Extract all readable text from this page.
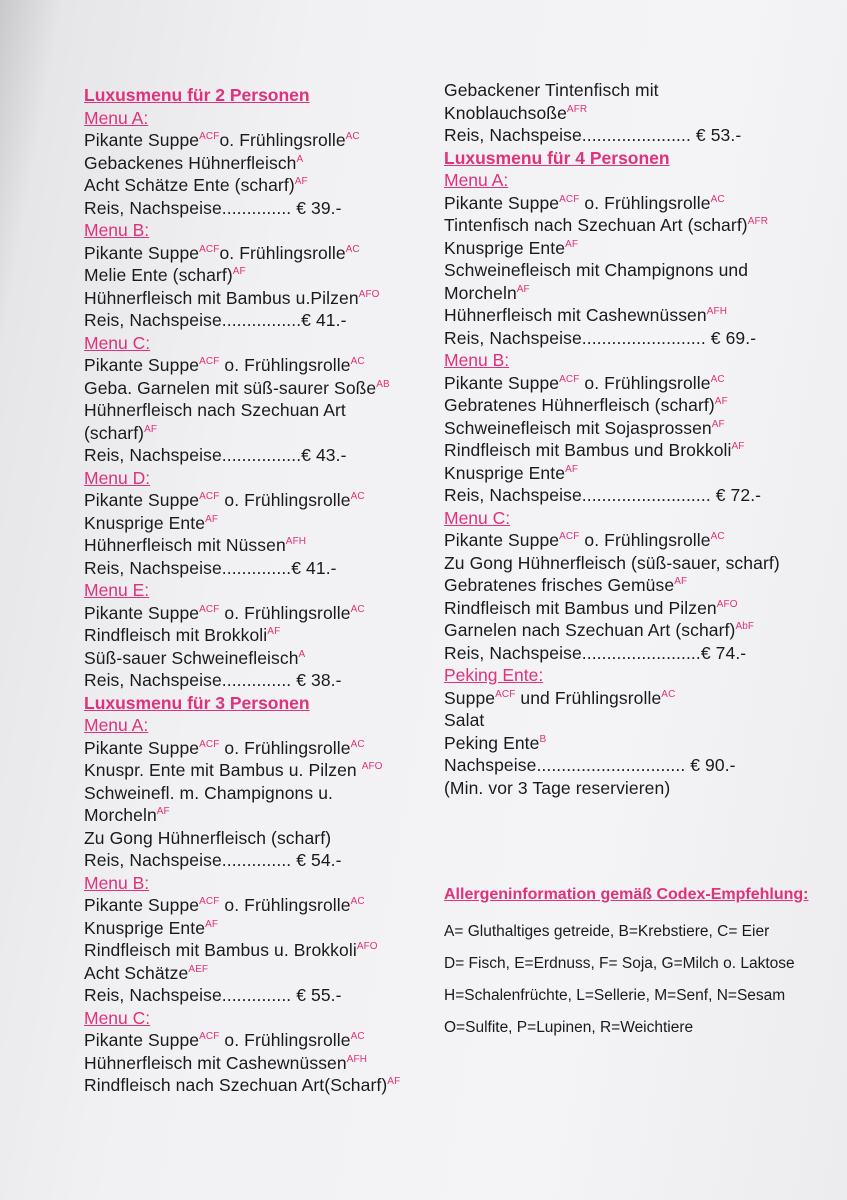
Luxusmenu für 2 Personen
Menu A:
Pikante Suppe$^{ACF}$o. Frühlingsrolle$^{AC}$
Gebackenes Hühnerfleisch$^A$
Acht Schätze Ente (scharf)$^{AF}$
Reis, Nachspeise.............. € 39.-
Menu B:
Pikante Suppe$^{ACF}$o. Frühlingsrolle$^{AC}$
Melie Ente (scharf)$^{AF}$
Hühnerfleisch mit Bambus u.Pilzen$^{AFO}$
Reis, Nachspeise................€ 41.-
Menu C:
Pikante Suppe$^{ACF}$ o. Frühlingsrolle$^{AC}$
Geba. Garnelen mit süß-saurer Soße$^{AB}$
Hühnerfleisch nach Szechuan Art
(scharf)$^{AF}$
Reis, Nachspeise................€ 43.-
Menu D:
Pikante Suppe$^{ACF}$ o. Frühlingsrolle$^{AC}$
Knusprige Ente$^{AF}$
Hühnerfleisch mit Nüssen$^{AFH}$
Reis, Nachspeise..............€ 41.-
Menu E:
Pikante Suppe$^{ACF}$ o. Frühlingsrolle$^{AC}$
Rindfleisch mit Brokkoli$^{AF}$
Süß-sauer Schweinefleisch$^A$
Reis, Nachspeise.............. € 38.-
Luxusmenu für 3 Personen
Menu A:
Pikante Suppe$^{ACF}$ o. Frühlingsrolle$^{AC}$
Knuspr. Ente mit Bambus u. Pilzen $^{AFO}$
Schweinefl. m. Champignons u.
Morcheln$^{AF}$
Zu Gong Hühnerfleisch (scharf)
Reis, Nachspeise.............. € 54.-
Menu B:
Pikante Suppe$^{ACF}$ o. Frühlingsrolle$^{AC}$
Knusprige Ente$^{AF}$
Rindfleisch mit Bambus u. Brokkoli$^{AFO}$
Acht Schätze$^{AEF}$
Reis, Nachspeise.............. € 55.-
Menu C:
Pikante Suppe$^{ACF}$ o. Frühlingsrolle$^{AC}$
Hühnerfleisch mit Cashewnüssen$^{AFH}$
Rindfleisch nach Szechuan Art(Scharf)$^{AF}$
Gebackener Tintenfisch mit
Knoblauchsoße$^{AFR}$
Reis, Nachspeise...................... € 53.-
Luxusmenu für 4 Personen
Menu A:
Pikante Suppe$^{ACF}$ o. Frühlingsrolle$^{AC}$
Tintenfisch nach Szechuan Art (scharf)$^{AFR}$
Knusprige Ente$^{AF}$
Schweinefleisch mit Champignons und
Morcheln$^{AF}$
Hühnerfleisch mit Cashewnüssen$^{AFH}$
Reis, Nachspeise......................... € 69.-
Menu B:
Pikante Suppe$^{ACF}$ o. Frühlingsrolle$^{AC}$
Gebratenes Hühnerfleisch (scharf)$^{AF}$
Schweinefleisch mit Sojasprossen$^{AF}$
Rindfleisch mit Bambus und Brokkoli$^{AF}$
Knusprige Ente$^{AF}$
Reis, Nachspeise.......................... € 72.-
Menu C:
Pikante Suppe$^{ACF}$ o. Frühlingsrolle$^{AC}$
Zu Gong Hühnerfleisch (süß-sauer, scharf)
Gebratenes frisches Gemüse$^{AF}$
Rindfleisch mit Bambus und Pilzen$^{AFO}$
Garnelen nach Szechuan Art (scharf)$^{AbF}$
Reis, Nachspeise........................€ 74.-
Peking Ente:
Suppe$^{ACF}$ und Frühlingsrolle$^{AC}$
Salat
Peking Ente$^B$
Nachspeise.............................. € 90.-
(Min. vor 3 Tage reservieren)
Allergeninformation gemäß Codex-Empfehlung:
A= Gluthaltiges getreide, B=Krebstiere, C= Eier
D= Fisch, E=Erdnuss, F= Soja, G=Milch o. Laktose
H=Schalenfrüchte, L=Sellerie, M=Senf, N=Sesam
O=Sulfite, P=Lupinen, R=Weichtiere
